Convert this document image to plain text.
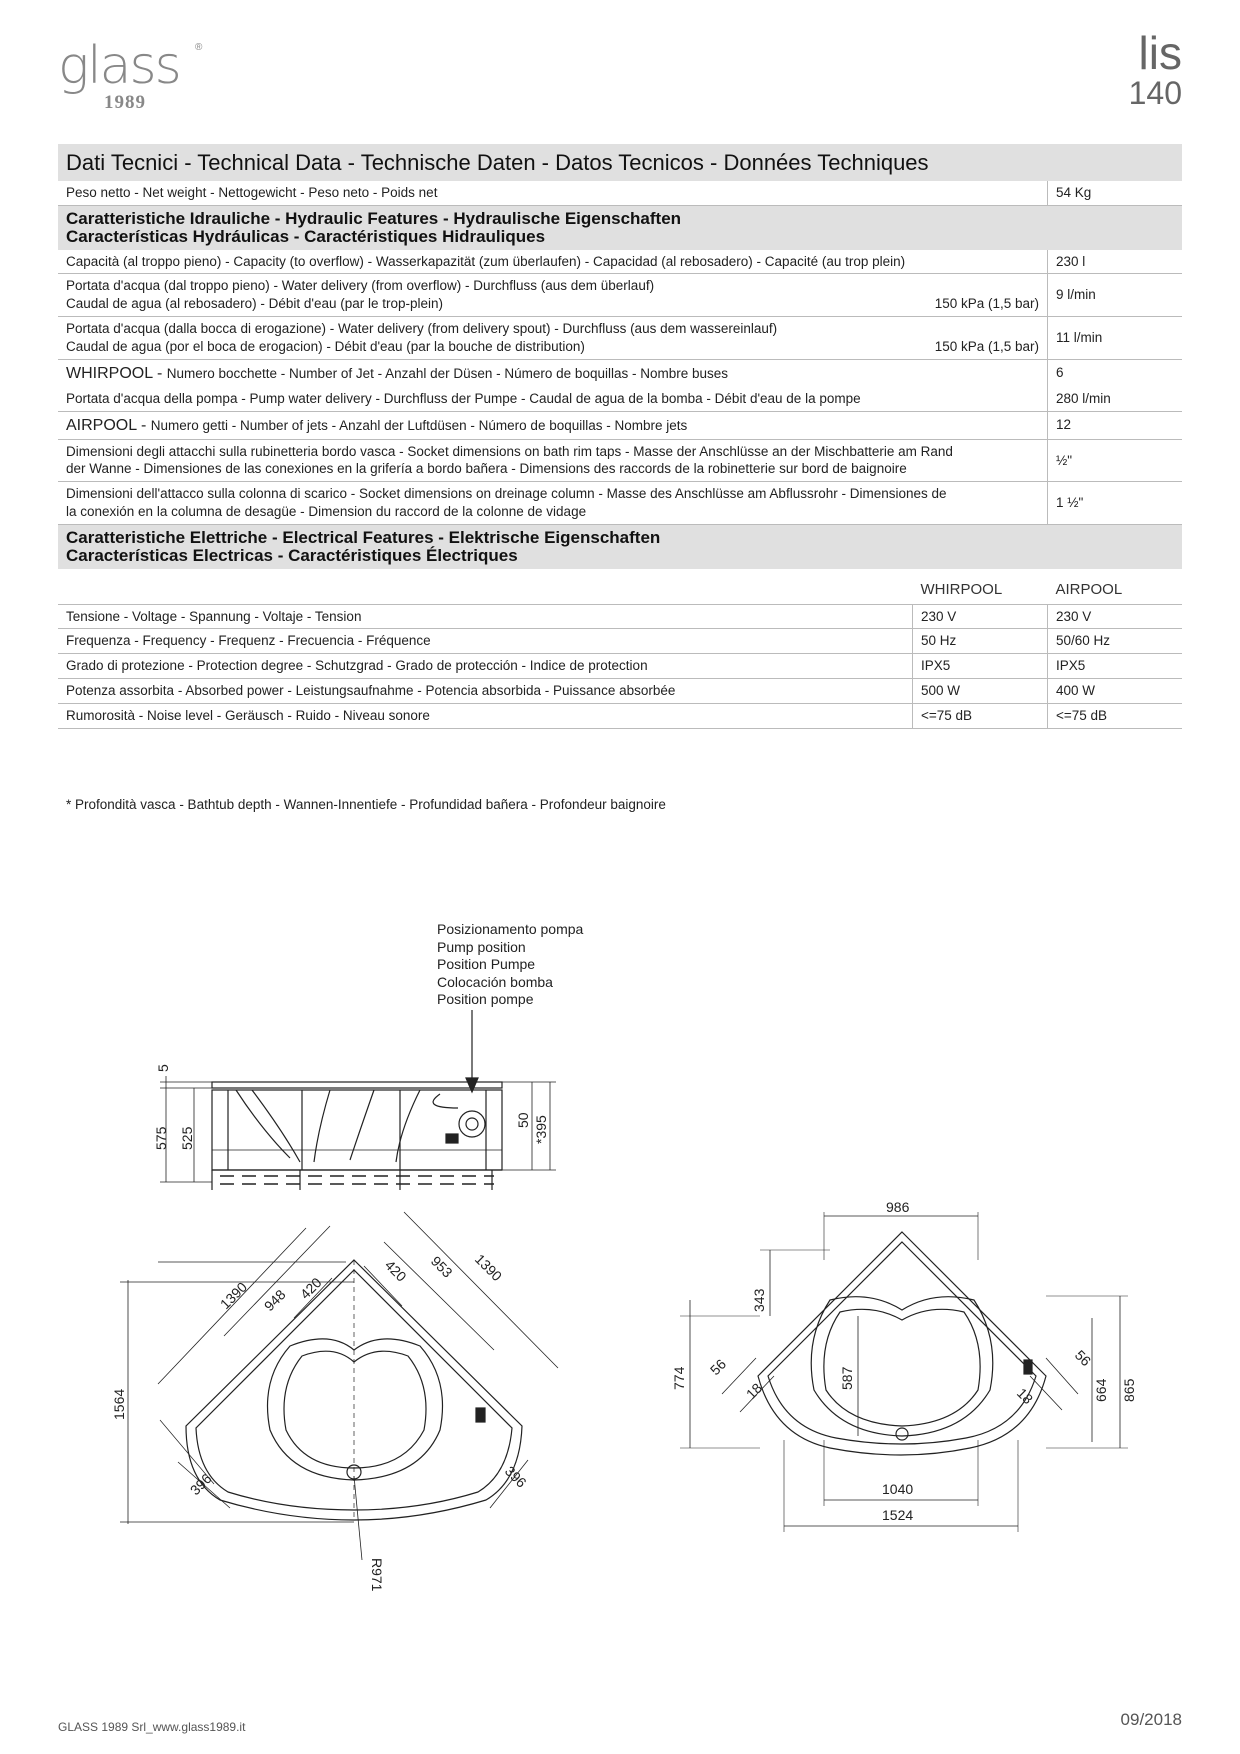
glass ®
1989
lis
140
Dati Tecnici - Technical Data - Technische Daten - Datos Tecnicos - Données Techniques		
Peso netto - Net weight - Nettogewicht - Peso neto - Poids net		54 Kg

Caratteristiche Idrauliche - Hydraulic Features - Hydraulische Eigenschaften
Características Hydráulicas - Caractéristiques Hidrauliques		

Capacità (al troppo pieno) - Capacity (to overflow) - Wasserkapazität (zum überlaufen) - Capacidad (al rebosadero) - Capacité (au trop plein)		230 l

Portata d'acqua (dal troppo pieno) - Water delivery (from overflow) - Durchfluss (aus dem überlauf)
Caudal de agua (al rebosadero) - Débit d'eau (par le trop-plein) 150 kPa (1,5 bar)		9 l/min

Portata d'acqua (dalla bocca di erogazione) - Water delivery (from delivery spout) - Durchfluss (aus dem wassereinlauf)
Caudal de agua (por el boca de erogacion) - Débit d'eau (par la bouche de distribution) 150 kPa (1,5 bar)		11 l/min
WHIRPOOL - Numero bocchette - Number of Jet - Anzahl der Düsen - Número de boquillas - Nombre buses		6
Portata d'acqua della pompa - Pump water delivery - Durchfluss der Pumpe - Caudal de agua de la bomba - Débit d'eau de la pompe		280 l/min
AIRPOOL - Numero getti - Number of jets - Anzahl der Luftdüsen - Número de boquillas - Nombre jets		12

Dimensioni degli attacchi sulla rubinetteria bordo vasca - Socket dimensions on bath rim taps - Masse der Anschlüsse an der Mischbatterie am Rand
der Wanne - Dimensiones de las conexiones en la grifería a bordo bañera - Dimensions des raccords de la robinetterie sur bord de baignoire		½"

Dimensioni dell'attacco sulla colonna di scarico - Socket dimensions on dreinage column - Masse des Anschlüsse am Abflussrohr - Dimensiones de
la conexión en la columna de desagüe - Dimension du raccord de la colonne de vidage		1 ½"

Caratteristiche Elettriche - Electrical Features - Elektrische Eigenschaften
Características Electricas - Caractéristiques Électriques		

	WHIRPOOL	AIRPOOL
Tensione - Voltage - Spannung - Voltaje - Tension	230 V	230 V
Frequenza - Frequency - Frequenz - Frecuencia - Fréquence	50 Hz	50/60 Hz
Grado di protezione - Protection degree - Schutzgrad - Grado de protección - Indice de protection	IPX5	IPX5
Potenza assorbita - Absorbed power - Leistungsaufnahme - Potencia absorbida - Puissance absorbée	500 W	400 W
Rumorosità - Noise level - Geräusch - Ruido - Niveau sonore	<=75 dB	<=75 dB
* Profondità vasca - Bathtub depth - Wannen-Innentiefe - Profundidad bañera - Profondeur baignoire
Posizionamento pompa
Pump position
Position Pumpe
Colocación bomba
Position pompe
5
575 525
50 *395
1390 948 420
420 953 1390
1564
396	396
R971
986
343
774	587
56
18
56
18	664 865
1040
1524
GLASS 1989 Srl_www.glass1989.it	09/2018
